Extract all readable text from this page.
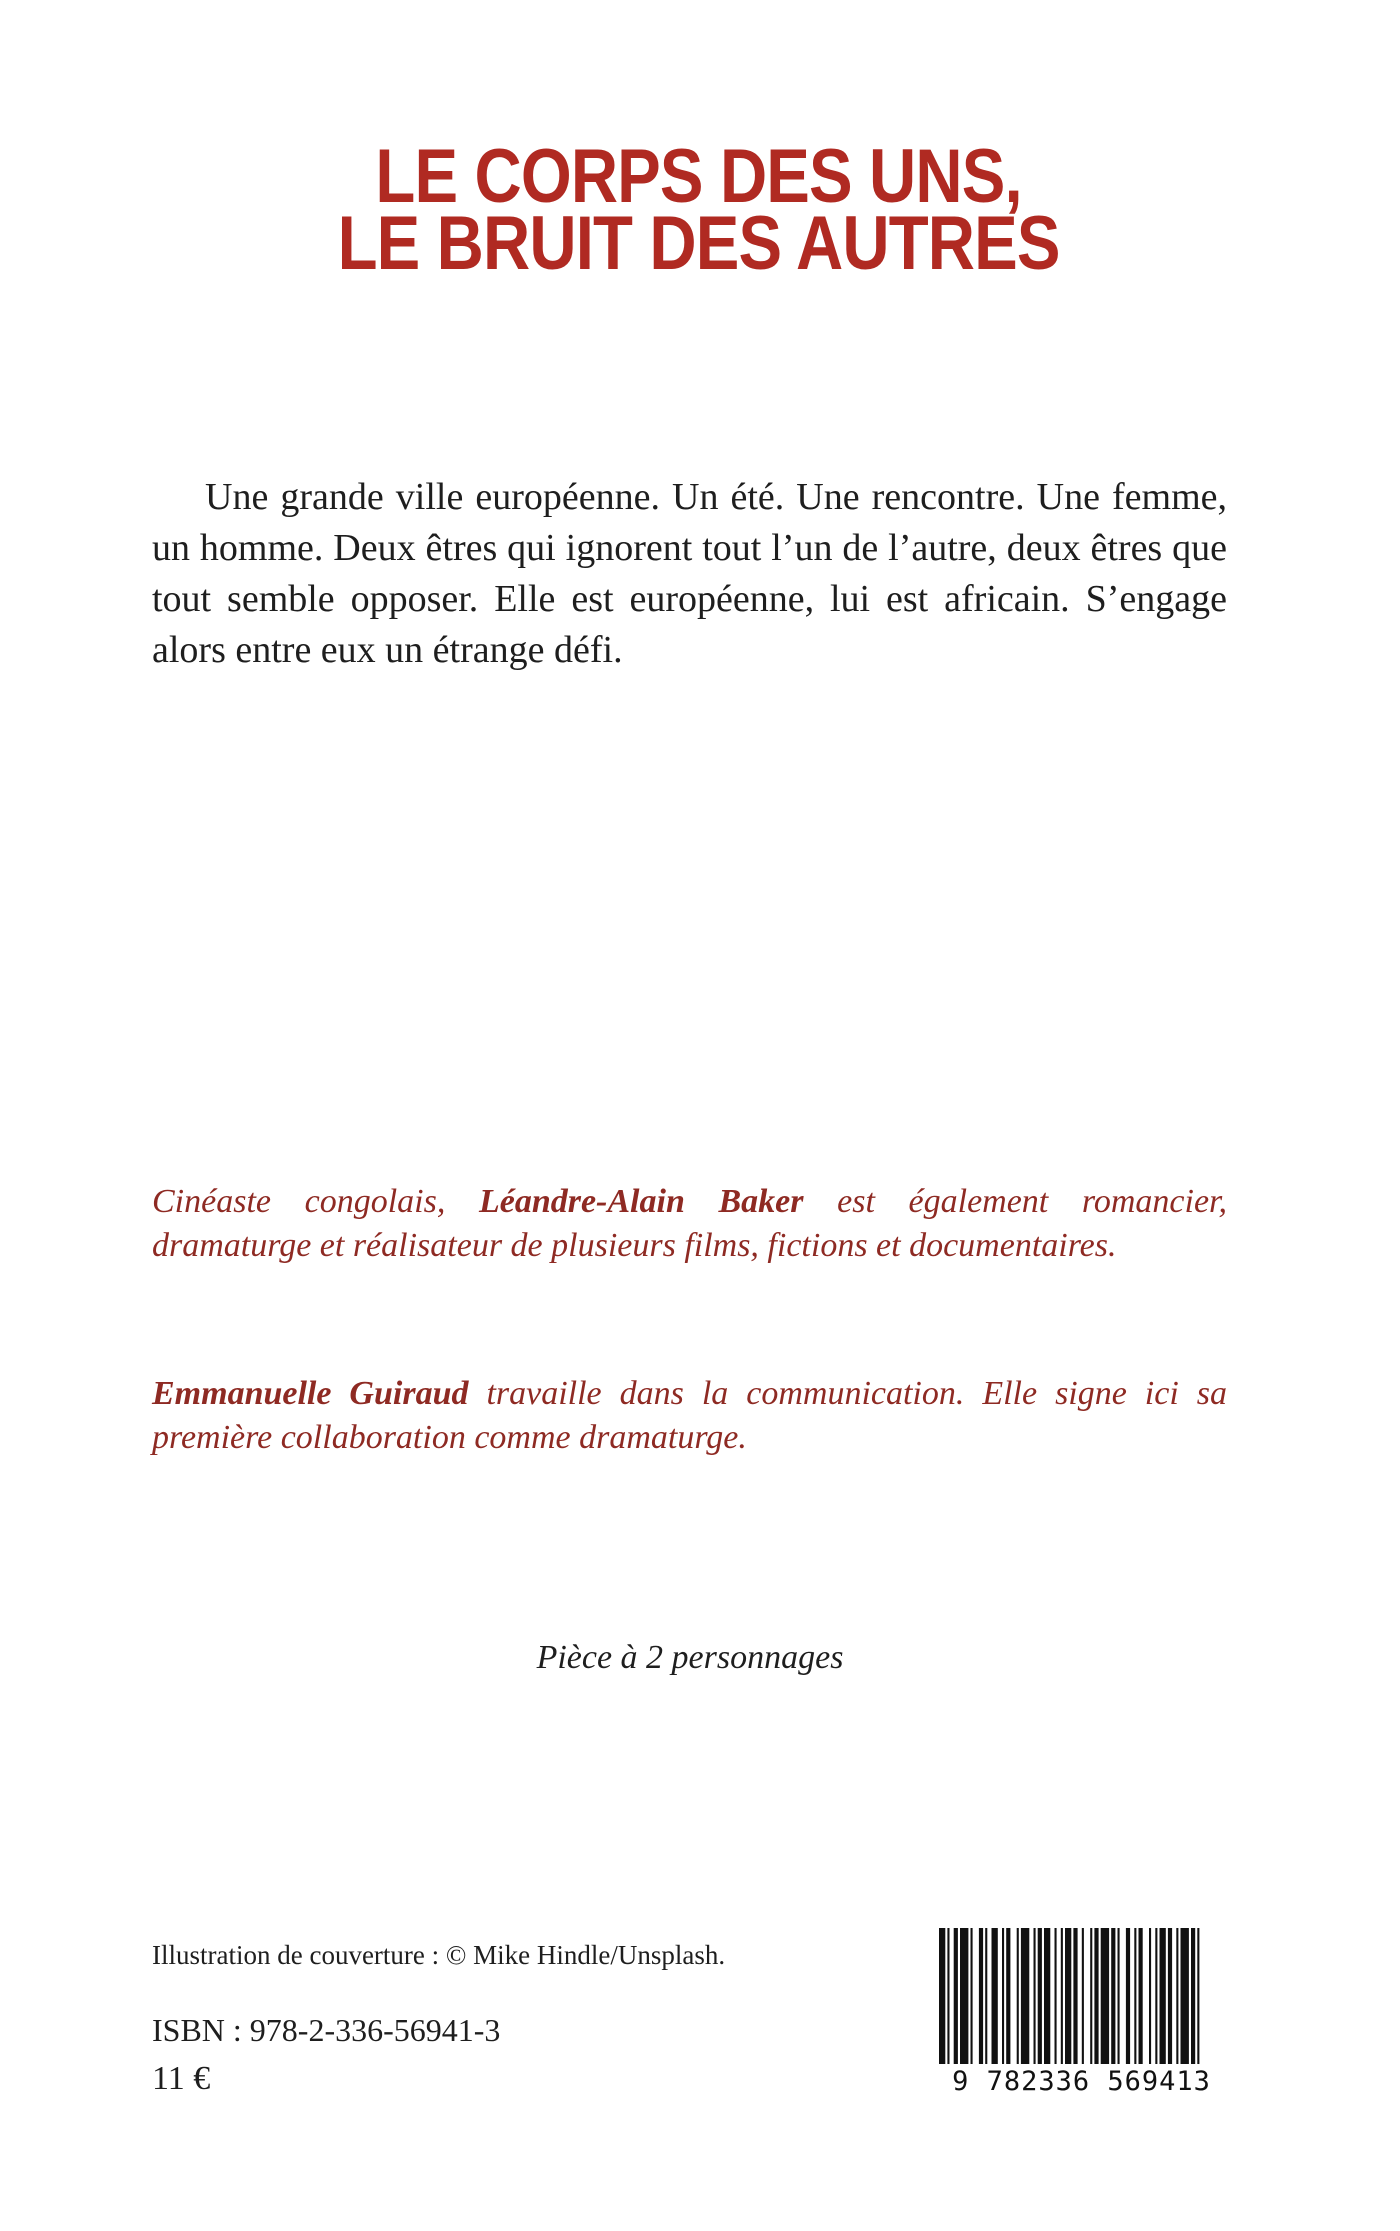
LE CORPS DES UNS,
LE BRUIT DES AUTRES

Une grande ville européenne. Un été. Une rencontre. Une femme, un homme. Deux êtres qui ignorent tout l’un de l’autre, deux êtres que tout semble opposer. Elle est européenne, lui est africain. S’engage alors entre eux un étrange défi.

Cinéaste congolais, Léandre-Alain Baker est également romancier, dramaturge et réalisateur de plusieurs films, fictions et documentaires.

Emmanuelle Guiraud travaille dans la communication. Elle signe ici sa première collaboration comme dramaturge.

Pièce à 2 personnages
Illustration de couverture : © Mike Hindle/Unsplash.
ISBN : 978-2-336-56941-3
11 €	9 782336 569413
